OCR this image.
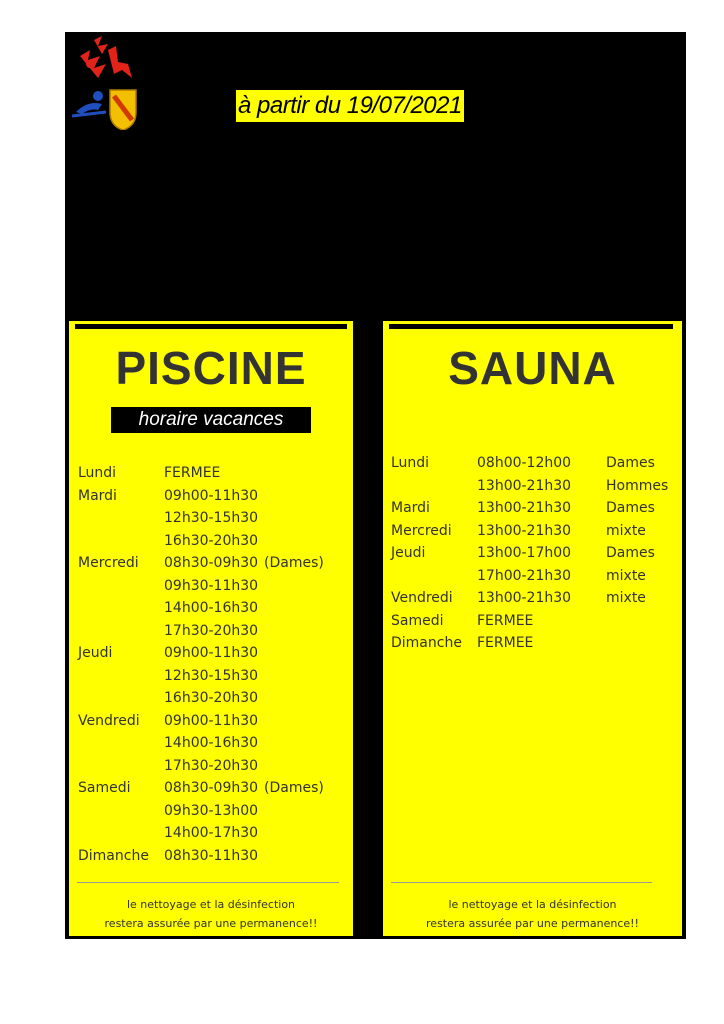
à partir du 19/07/2021
PISCINE
horaire vacances
Lundi	FERMEE
Mardi	09h00-11h30
12h30-15h30
16h30-20h30
Mercredi	08h30-09h30 (Dames)
09h30-11h30
14h00-16h30
17h30-20h30
Jeudi	09h00-11h30
12h30-15h30
16h30-20h30
Vendredi	09h00-11h30
14h00-16h30
17h30-20h30
Samedi	08h30-09h30 (Dames)
09h30-13h00
14h00-17h30
Dimanche	08h30-11h30
le nettoyage et la désinfection
restera assurée par une permanence!!
SAUNA
Lundi	08h00-12h00	Dames
13h00-21h30	Hommes
Mardi	13h00-21h30	Dames
Mercredi	13h00-21h30	mixte
Jeudi	13h00-17h00	Dames
17h00-21h30	mixte
Vendredi	13h00-21h30	mixte
Samedi	FERMEE
Dimanche	FERMEE
le nettoyage et la désinfection
restera assurée par une permanence!!
